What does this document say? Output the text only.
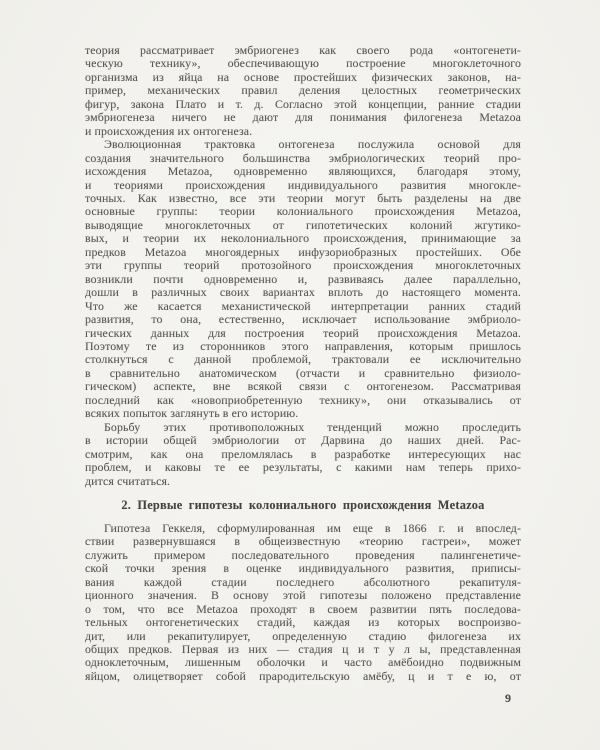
теория рассматривает эмбриогенез как своего рода «онтогенети-
ческую технику», обеспечивающую построение многоклеточного
организма из яйца на основе простейших физических законов, на-
пример, механических правил деления целостных геометрических
фигур, закона Плато и т. д. Согласно этой концепции, ранние стадии
эмбриогенеза ничего не дают для понимания филогенеза Metazoa
и происхождения их онтогенеза.

Эволюционная трактовка онтогенеза послужила основой для
создания значительного большинства эмбриологических теорий про-
исхождения Metazoa, одновременно являющихся, благодаря этому,
и теориями происхождения индивидуального развития многокле-
точных. Как известно, все эти теории могут быть разделены на две
основные группы: теории колониального происхождения Metazoa,
выводящие многоклеточных от гипотетических колоний жгутико-
вых, и теории их неколониального происхождения, принимающие за
предков Metazoa многоядерных инфузориобразных простейших. Обе
эти группы теорий протозойного происхождения многоклеточных
возникли почти одновременно и, развиваясь далее параллельно,
дошли в различных своих вариантах вплоть до настоящего момента.
Что же касается механистической интерпретации ранних стадий
развития, то она, естественно, исключает использование эмбриоло-
гических данных для построения теорий происхождения Metazoa.
Поэтому те из сторонников этого направления, которым пришлось
столкнуться с данной проблемой, трактовали ее исключительно
в сравнительно анатомическом (отчасти и сравнительно физиоло-
гическом) аспекте, вне всякой связи с онтогенезом. Рассматривая
последний как «новоприобретенную технику», они отказывались от
всяких попыток заглянуть в его историю.

Борьбу этих противоположных тенденций можно проследить
в истории общей эмбриологии от Дарвина до наших дней. Рас-
смотрим, как она преломлялась в разработке интересующих нас
проблем, и каковы те ее результаты, с какими нам теперь прихо-
дится считаться.

2. Первые гипотезы колониального происхождения Metazoa

Гипотеза Геккеля, сформулированная им еще в 1866 г. и впослед-
ствии развернувшаяся в общеизвестную «теорию гастреи», может
служить примером последовательного проведения палингенетиче-
ской точки зрения в оценке индивидуального развития, приписы-
вания каждой стадии последнего абсолютного рекапитуля-
ционного значения. В основу этой гипотезы положено представление
о том, что все Metazoa проходят в своем развитии пять последова-
тельных онтогенетических стадий, каждая из которых воспроизво-
дит, или рекапитулирует, определенную стадию филогенеза их
общих предков. Первая из них — стадия ц и т у л ы, представленная
одноклеточным, лишенным оболочки и часто амёбоидно подвижным
яйцом, олицетворяет собой прародительскую амёбу, ц и т е ю, от

9
